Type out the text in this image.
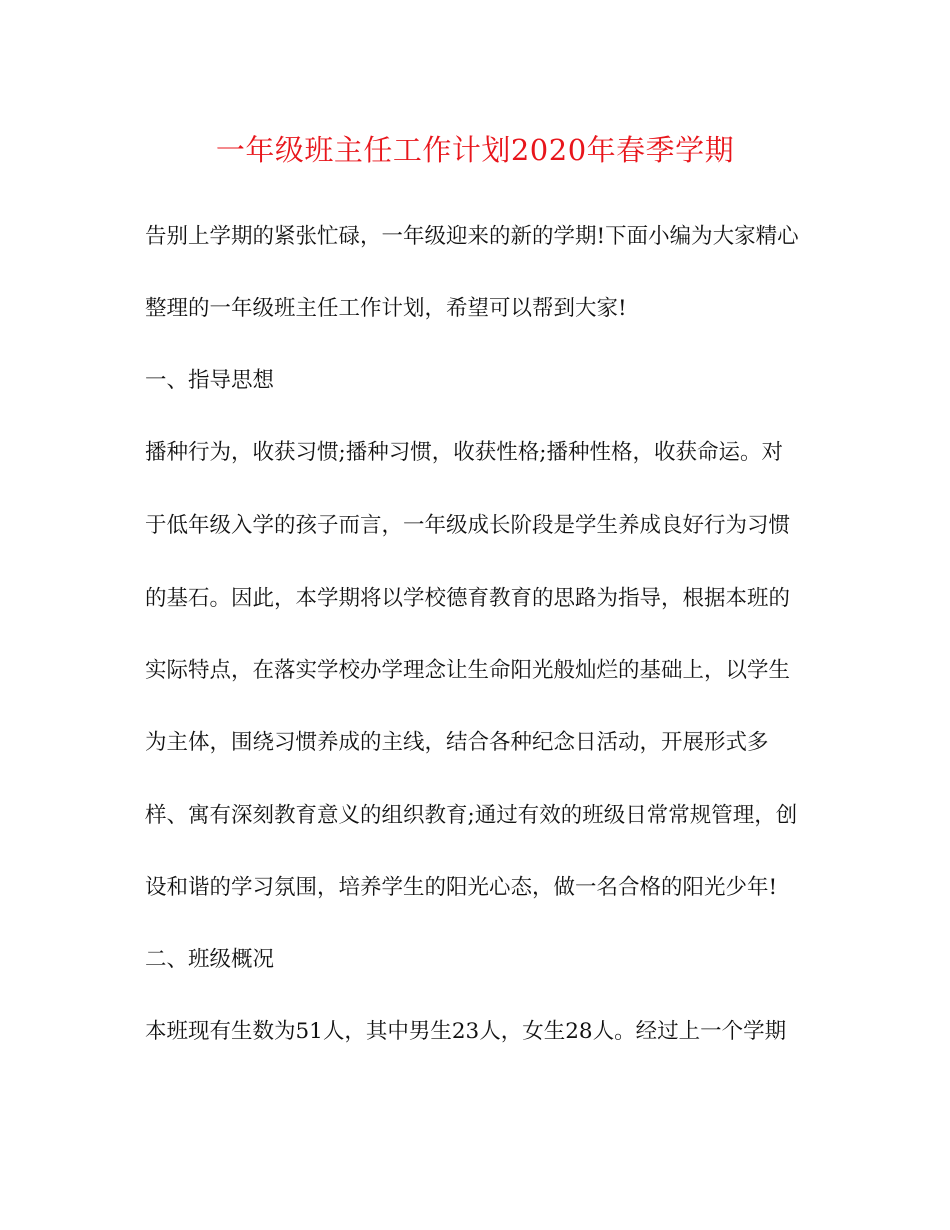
一年级班主任工作计划2020年春季学期
告别上学期的紧张忙碌，一年级迎来的新的学期!下面小编为大家精心
整理的一年级班主任工作计划，希望可以帮到大家!
一、指导思想
播种行为，收获习惯;播种习惯，收获性格;播种性格，收获命运。对
于低年级入学的孩子而言，一年级成长阶段是学生养成良好行为习惯
的基石。因此，本学期将以学校德育教育的思路为指导，根据本班的
实际特点，在落实学校办学理念让生命阳光般灿烂的基础上，以学生
为主体，围绕习惯养成的主线，结合各种纪念日活动，开展形式多
样、寓有深刻教育意义的组织教育;通过有效的班级日常常规管理，创
设和谐的学习氛围，培养学生的阳光心态，做一名合格的阳光少年!
二、班级概况
本班现有生数为51人，其中男生23人，女生28人。经过上一个学期
